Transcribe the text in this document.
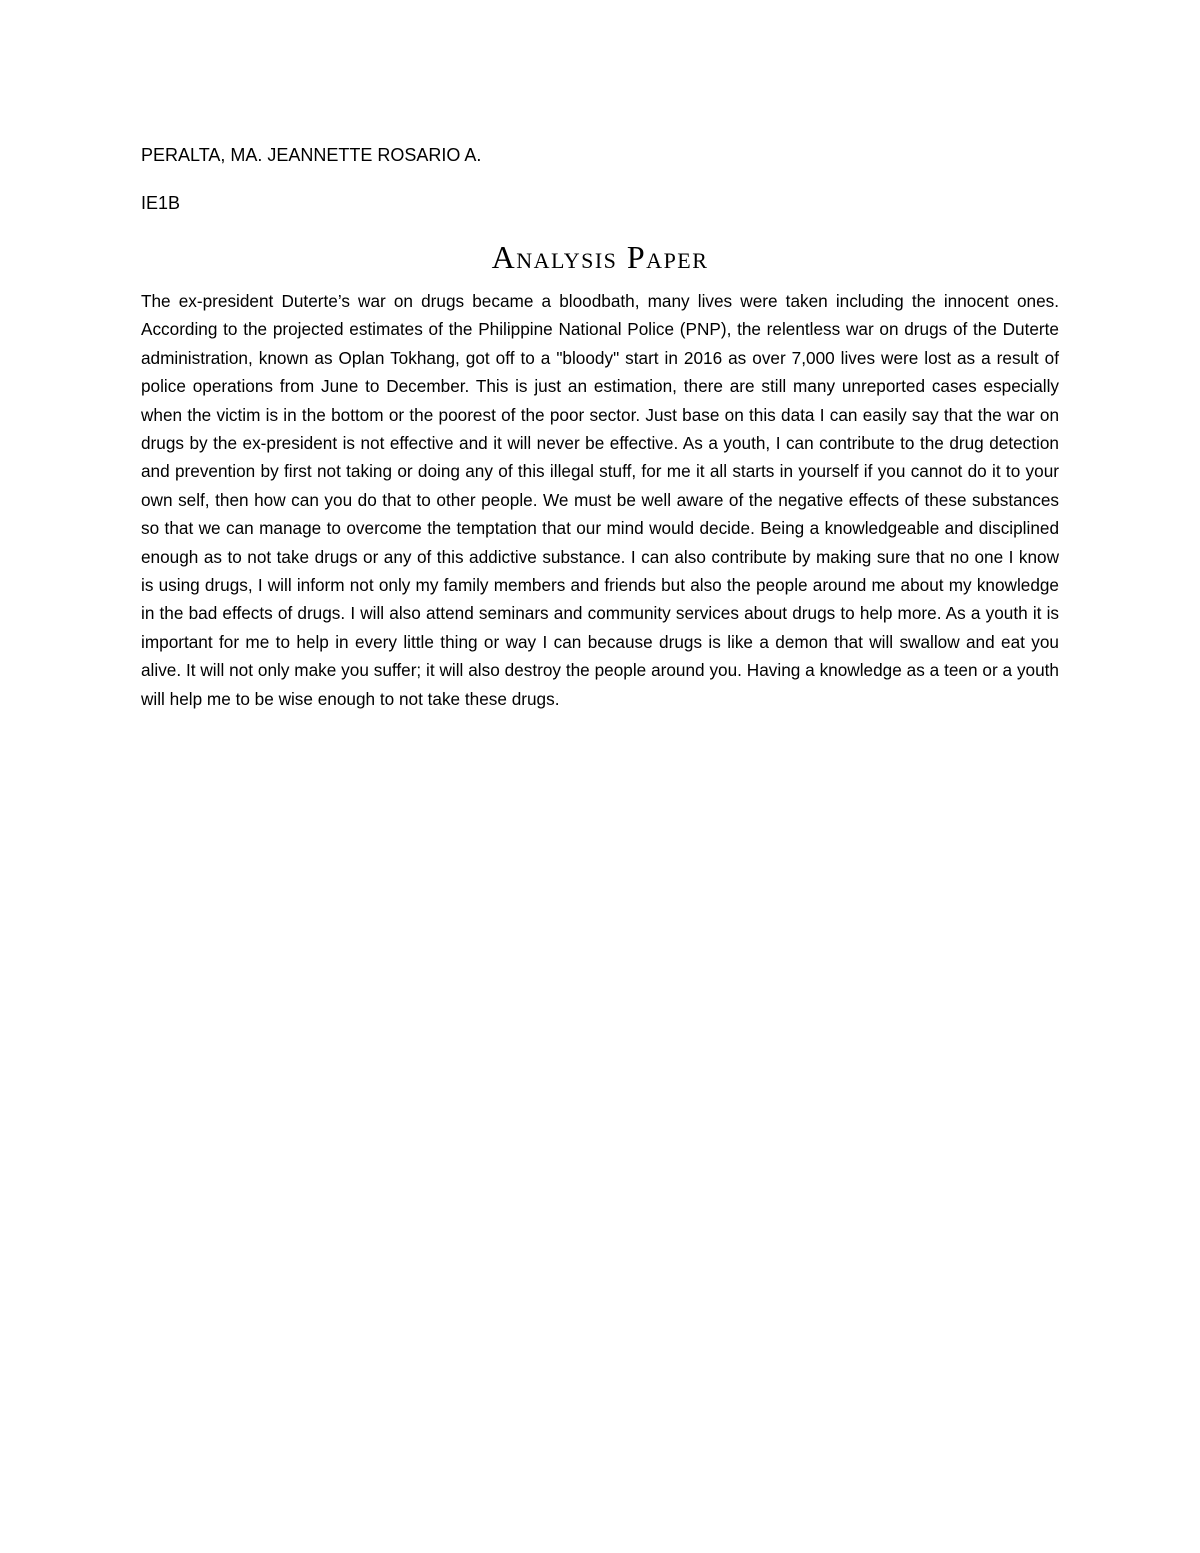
PERALTA, MA. JEANNETTE ROSARIO A.

IE1B

Analysis Paper

The ex-president Duterte’s war on drugs became a bloodbath, many lives were taken including the innocent ones. According to the projected estimates of the Philippine National Police (PNP), the relentless war on drugs of the Duterte administration, known as Oplan Tokhang, got off to a "bloody" start in 2016 as over 7,000 lives were lost as a result of police operations from June to December. This is just an estimation, there are still many unreported cases especially when the victim is in the bottom or the poorest of the poor sector. Just base on this data I can easily say that the war on drugs by the ex-president is not effective and it will never be effective. As a youth, I can contribute to the drug detection and prevention by first not taking or doing any of this illegal stuff, for me it all starts in yourself if you cannot do it to your own self, then how can you do that to other people. We must be well aware of the negative effects of these substances so that we can manage to overcome the temptation that our mind would decide. Being a knowledgeable and disciplined enough as to not take drugs or any of this addictive substance. I can also contribute by making sure that no one I know is using drugs, I will inform not only my family members and friends but also the people around me about my knowledge in the bad effects of drugs. I will also attend seminars and community services about drugs to help more. As a youth it is important for me to help in every little thing or way I can because drugs is like a demon that will swallow and eat you alive. It will not only make you suffer; it will also destroy the people around you. Having a knowledge as a teen or a youth will help me to be wise enough to not take these drugs.
